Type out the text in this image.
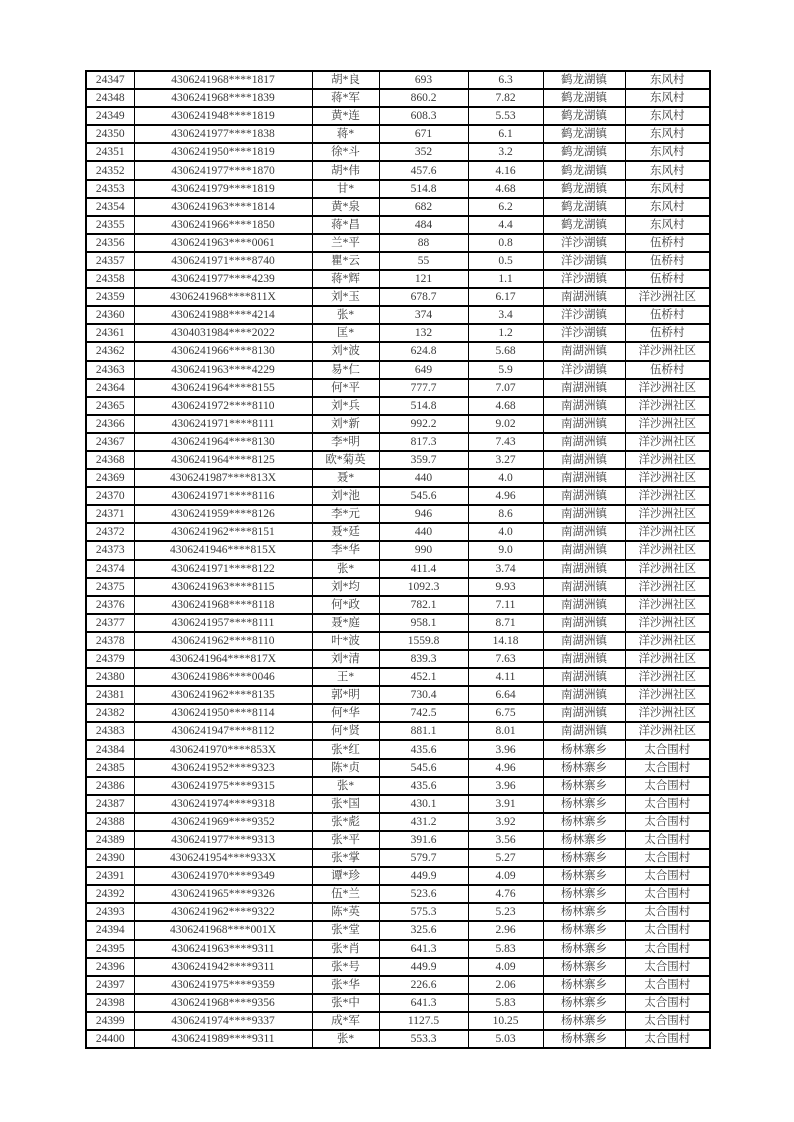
24347	4306241968****1817	胡*良	693	6.3	鹤龙湖镇	东风村
24348	4306241968****1839	蒋*军	860.2	7.82	鹤龙湖镇	东风村
24349	4306241948****1819	黄*连	608.3	5.53	鹤龙湖镇	东风村
24350	4306241977****1838	蒋*	671	6.1	鹤龙湖镇	东风村
24351	4306241950****1819	徐*斗	352	3.2	鹤龙湖镇	东风村
24352	4306241977****1870	胡*伟	457.6	4.16	鹤龙湖镇	东风村
24353	4306241979****1819	甘*	514.8	4.68	鹤龙湖镇	东风村
24354	4306241963****1814	黄*泉	682	6.2	鹤龙湖镇	东风村
24355	4306241966****1850	蒋*昌	484	4.4	鹤龙湖镇	东风村
24356	4306241963****0061	兰*平	88	0.8	洋沙湖镇	伍桥村
24357	4306241971****8740	瞿*云	55	0.5	洋沙湖镇	伍桥村
24358	4306241977****4239	蒋*辉	121	1.1	洋沙湖镇	伍桥村
24359	4306241968****811X	刘*玉	678.7	6.17	南湖洲镇	洋沙洲社区
24360	4306241988****4214	张*	374	3.4	洋沙湖镇	伍桥村
24361	4304031984****2022	匡*	132	1.2	洋沙湖镇	伍桥村
24362	4306241966****8130	刘*波	624.8	5.68	南湖洲镇	洋沙洲社区
24363	4306241963****4229	易*仁	649	5.9	洋沙湖镇	伍桥村
24364	4306241964****8155	何*平	777.7	7.07	南湖洲镇	洋沙洲社区
24365	4306241972****8110	刘*兵	514.8	4.68	南湖洲镇	洋沙洲社区
24366	4306241971****8111	刘*新	992.2	9.02	南湖洲镇	洋沙洲社区
24367	4306241964****8130	李*明	817.3	7.43	南湖洲镇	洋沙洲社区
24368	4306241964****8125	欧*菊英	359.7	3.27	南湖洲镇	洋沙洲社区
24369	4306241987****813X	聂*	440	4.0	南湖洲镇	洋沙洲社区
24370	4306241971****8116	刘*池	545.6	4.96	南湖洲镇	洋沙洲社区
24371	4306241959****8126	李*元	946	8.6	南湖洲镇	洋沙洲社区
24372	4306241962****8151	聂*廷	440	4.0	南湖洲镇	洋沙洲社区
24373	4306241946****815X	李*华	990	9.0	南湖洲镇	洋沙洲社区
24374	4306241971****8122	张*	411.4	3.74	南湖洲镇	洋沙洲社区
24375	4306241963****8115	刘*均	1092.3	9.93	南湖洲镇	洋沙洲社区
24376	4306241968****8118	何*政	782.1	7.11	南湖洲镇	洋沙洲社区
24377	4306241957****8111	聂*庭	958.1	8.71	南湖洲镇	洋沙洲社区
24378	4306241962****8110	叶*波	1559.8	14.18	南湖洲镇	洋沙洲社区
24379	4306241964****817X	刘*清	839.3	7.63	南湖洲镇	洋沙洲社区
24380	4306241986****0046	王*	452.1	4.11	南湖洲镇	洋沙洲社区
24381	4306241962****8135	郭*明	730.4	6.64	南湖洲镇	洋沙洲社区
24382	4306241950****8114	何*华	742.5	6.75	南湖洲镇	洋沙洲社区
24383	4306241947****8112	何*贤	881.1	8.01	南湖洲镇	洋沙洲社区
24384	4306241970****853X	张*红	435.6	3.96	杨林寨乡	太合围村
24385	4306241952****9323	陈*贞	545.6	4.96	杨林寨乡	太合围村
24386	4306241975****9315	张*	435.6	3.96	杨林寨乡	太合围村
24387	4306241974****9318	张*国	430.1	3.91	杨林寨乡	太合围村
24388	4306241969****9352	张*彪	431.2	3.92	杨林寨乡	太合围村
24389	4306241977****9313	张*平	391.6	3.56	杨林寨乡	太合围村
24390	4306241954****933X	张*掌	579.7	5.27	杨林寨乡	太合围村
24391	4306241970****9349	谭*珍	449.9	4.09	杨林寨乡	太合围村
24392	4306241965****9326	伍*兰	523.6	4.76	杨林寨乡	太合围村
24393	4306241962****9322	陈*英	575.3	5.23	杨林寨乡	太合围村
24394	4306241968****001X	张*堂	325.6	2.96	杨林寨乡	太合围村
24395	4306241963****9311	张*肖	641.3	5.83	杨林寨乡	太合围村
24396	4306241942****9311	张*号	449.9	4.09	杨林寨乡	太合围村
24397	4306241975****9359	张*华	226.6	2.06	杨林寨乡	太合围村
24398	4306241968****9356	张*中	641.3	5.83	杨林寨乡	太合围村
24399	4306241974****9337	成*军	1127.5	10.25	杨林寨乡	太合围村
24400	4306241989****9311	张*	553.3	5.03	杨林寨乡	太合围村
